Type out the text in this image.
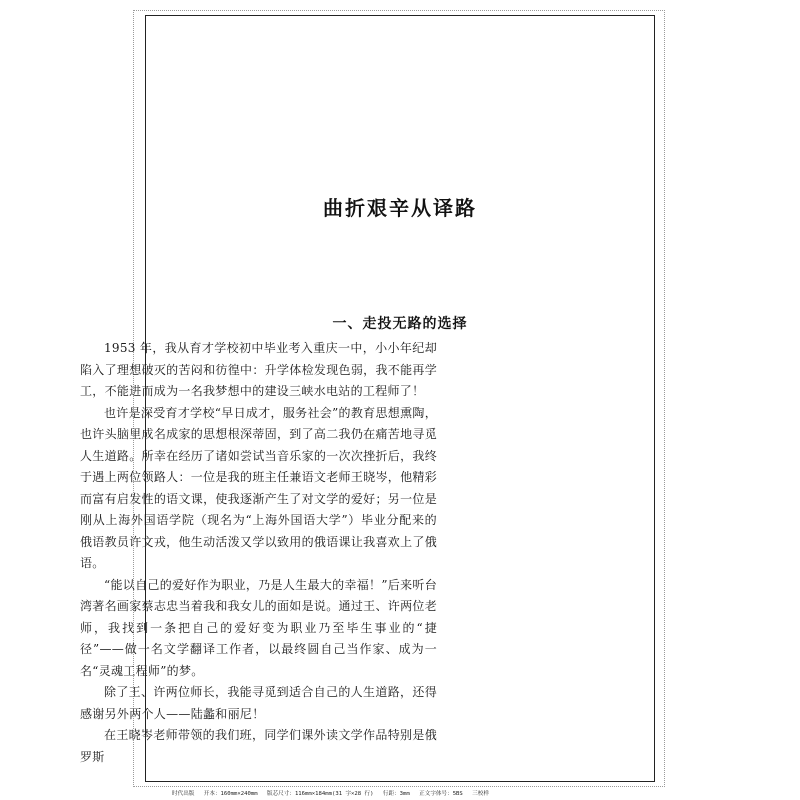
曲折艰辛从译路
一、走投无路的选择

1953 年，我从育才学校初中毕业考入重庆一中，小小年纪却陷入了理想破灭的苦闷和彷徨中：升学体检发现色弱，我不能再学工，不能进而成为一名我梦想中的建设三峡水电站的工程师了！

也许是深受育才学校“早日成才，服务社会”的教育思想熏陶，也许头脑里成名成家的思想根深蒂固，到了高二我仍在痛苦地寻觅人生道路。所幸在经历了诸如尝试当音乐家的一次次挫折后，我终于遇上两位领路人：一位是我的班主任兼语文老师王晓岑，他精彩而富有启发性的语文课，使我逐渐产生了对文学的爱好；另一位是刚从上海外国语学院（现名为“上海外国语大学”）毕业分配来的俄语教员许文戎，他生动活泼又学以致用的俄语课让我喜欢上了俄语。

“能以自己的爱好作为职业，乃是人生最大的幸福！”后来听台湾著名画家蔡志忠当着我和我女儿的面如是说。通过王、许两位老师，我找到一条把自己的爱好变为职业乃至毕生事业的“捷径”——做一名文学翻译工作者，以最终圆自己当作家、成为一名“灵魂工程师”的梦。

除了王、许两位师长，我能寻觅到适合自己的人生道路，还得感谢另外两个人——陆蠡和丽尼！

在王晓岑老师带领的我们班，同学们课外读文学作品特别是俄罗斯

时代出版 开本：160mm×240mm 版芯尺寸：116mm×184mm(31 字×28 行) 行距：3mm 正文字体号：5BS 三校样
